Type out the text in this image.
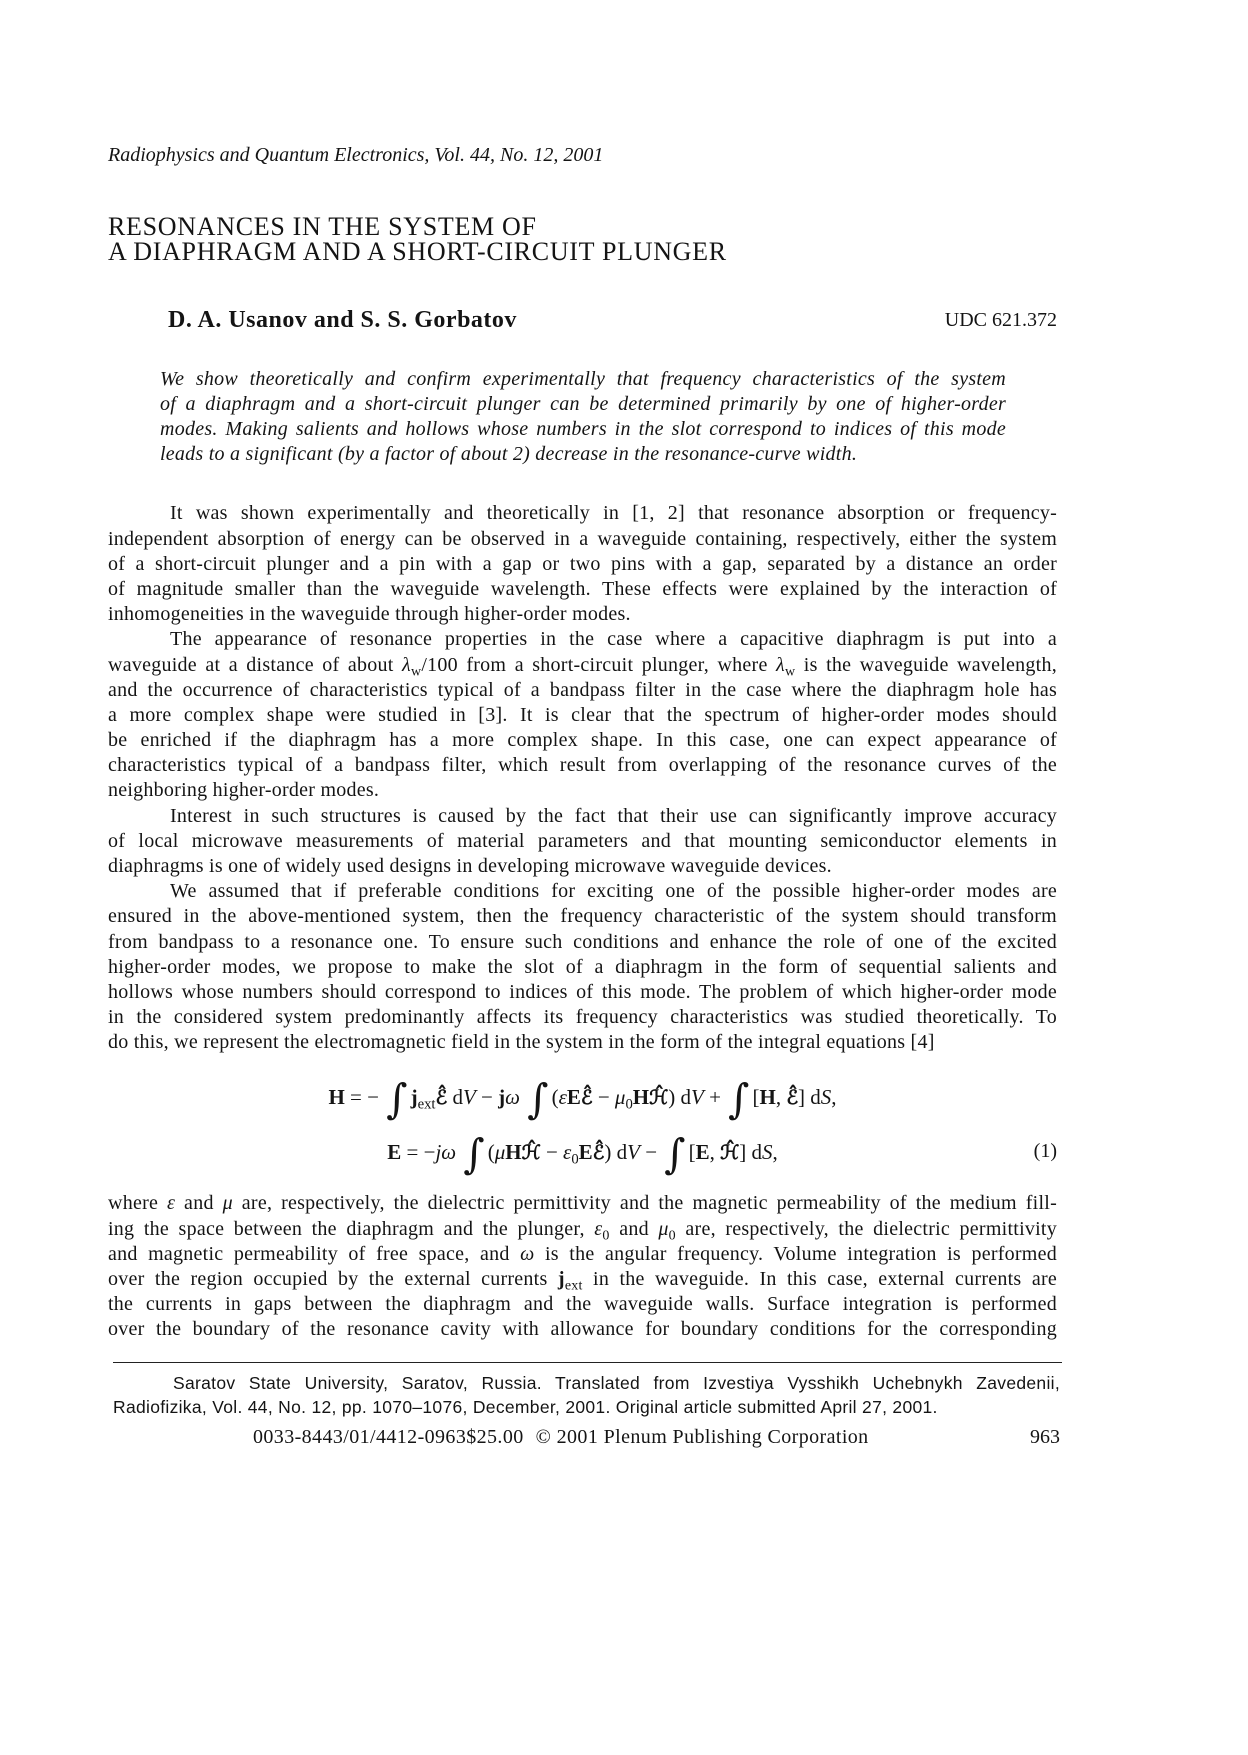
Radiophysics and Quantum Electronics, Vol. 44, No. 12, 2001
RESONANCES IN THE SYSTEM OF
A DIAPHRAGM AND A SHORT-CIRCUIT PLUNGER
D. A. Usanov and S. S. Gorbatov	UDC 621.372
We show theoretically and confirm experimentally that frequency characteristics of the system
of a diaphragm and a short-circuit plunger can be determined primarily by one of higher-order
modes. Making salients and hollows whose numbers in the slot correspond to indices of this mode
leads to a significant (by a factor of about 2) decrease in the resonance-curve width.
It was shown experimentally and theoretically in [1, 2] that resonance absorption or frequency-
independent absorption of energy can be observed in a waveguide containing, respectively, either the system
of a short-circuit plunger and a pin with a gap or two pins with a gap, separated by a distance an order
of magnitude smaller than the waveguide wavelength. These effects were explained by the interaction of
inhomogeneities in the waveguide through higher-order modes.
The appearance of resonance properties in the case where a capacitive diaphragm is put into a
waveguide at a distance of about $\lambda_w/100$ from a short-circuit plunger, where $\lambda_w$ is the waveguide wavelength,
and the occurrence of characteristics typical of a bandpass filter in the case where the diaphragm hole has
a more complex shape were studied in [3]. It is clear that the spectrum of higher-order modes should
be enriched if the diaphragm has a more complex shape. In this case, one can expect appearance of
characteristics typical of a bandpass filter, which result from overlapping of the resonance curves of the
neighboring higher-order modes.
Interest in such structures is caused by the fact that their use can significantly improve accuracy
of local microwave measurements of material parameters and that mounting semiconductor elements in
diaphragms is one of widely used designs in developing microwave waveguide devices.
We assumed that if preferable conditions for exciting one of the possible higher-order modes are
ensured in the above-mentioned system, then the frequency characteristic of the system should transform
from bandpass to a resonance one. To ensure such conditions and enhance the role of one of the excited
higher-order modes, we propose to make the slot of a diaphragm in the form of sequential salients and
hollows whose numbers should correspond to indices of this mode. The problem of which higher-order mode
in the considered system predominantly affects its frequency characteristics was studied theoretically. To
do this, we represent the electromagnetic field in the system in the form of the integral equations [4]
H = − ∫ $j_{ext}ℰ̂$ dV − jω ∫ (εEℰ̂ − $\mu_0Hℋ̂$) dV + ∫ [H, ℰ̂] dS,
E = −jω ∫ (μHℋ̂ − $\varepsilon_0Eℰ̂$) dV − ∫ [E, ℋ̂] dS,	(1)
where ε and μ are, respectively, the dielectric permittivity and the magnetic permeability of the medium fill-
ing the space between the diaphragm and the plunger, $\varepsilon_0$ and $\mu_0$ are, respectively, the dielectric permittivity
and magnetic permeability of free space, and ω is the angular frequency. Volume integration is performed
over the region occupied by the external currents $j_{ext}$ in the waveguide. In this case, external currents are
the currents in gaps between the diaphragm and the waveguide walls. Surface integration is performed
over the boundary of the resonance cavity with allowance for boundary conditions for the corresponding
Saratov State University, Saratov, Russia. Translated from Izvestiya Vysshikh Uchebnykh Zavedenii,
Radiofizika, Vol. 44, No. 12, pp. 1070–1076, December, 2001. Original article submitted April 27, 2001.
0033-8443/01/4412-0963$25.00 © 2001 Plenum Publishing Corporation	963
